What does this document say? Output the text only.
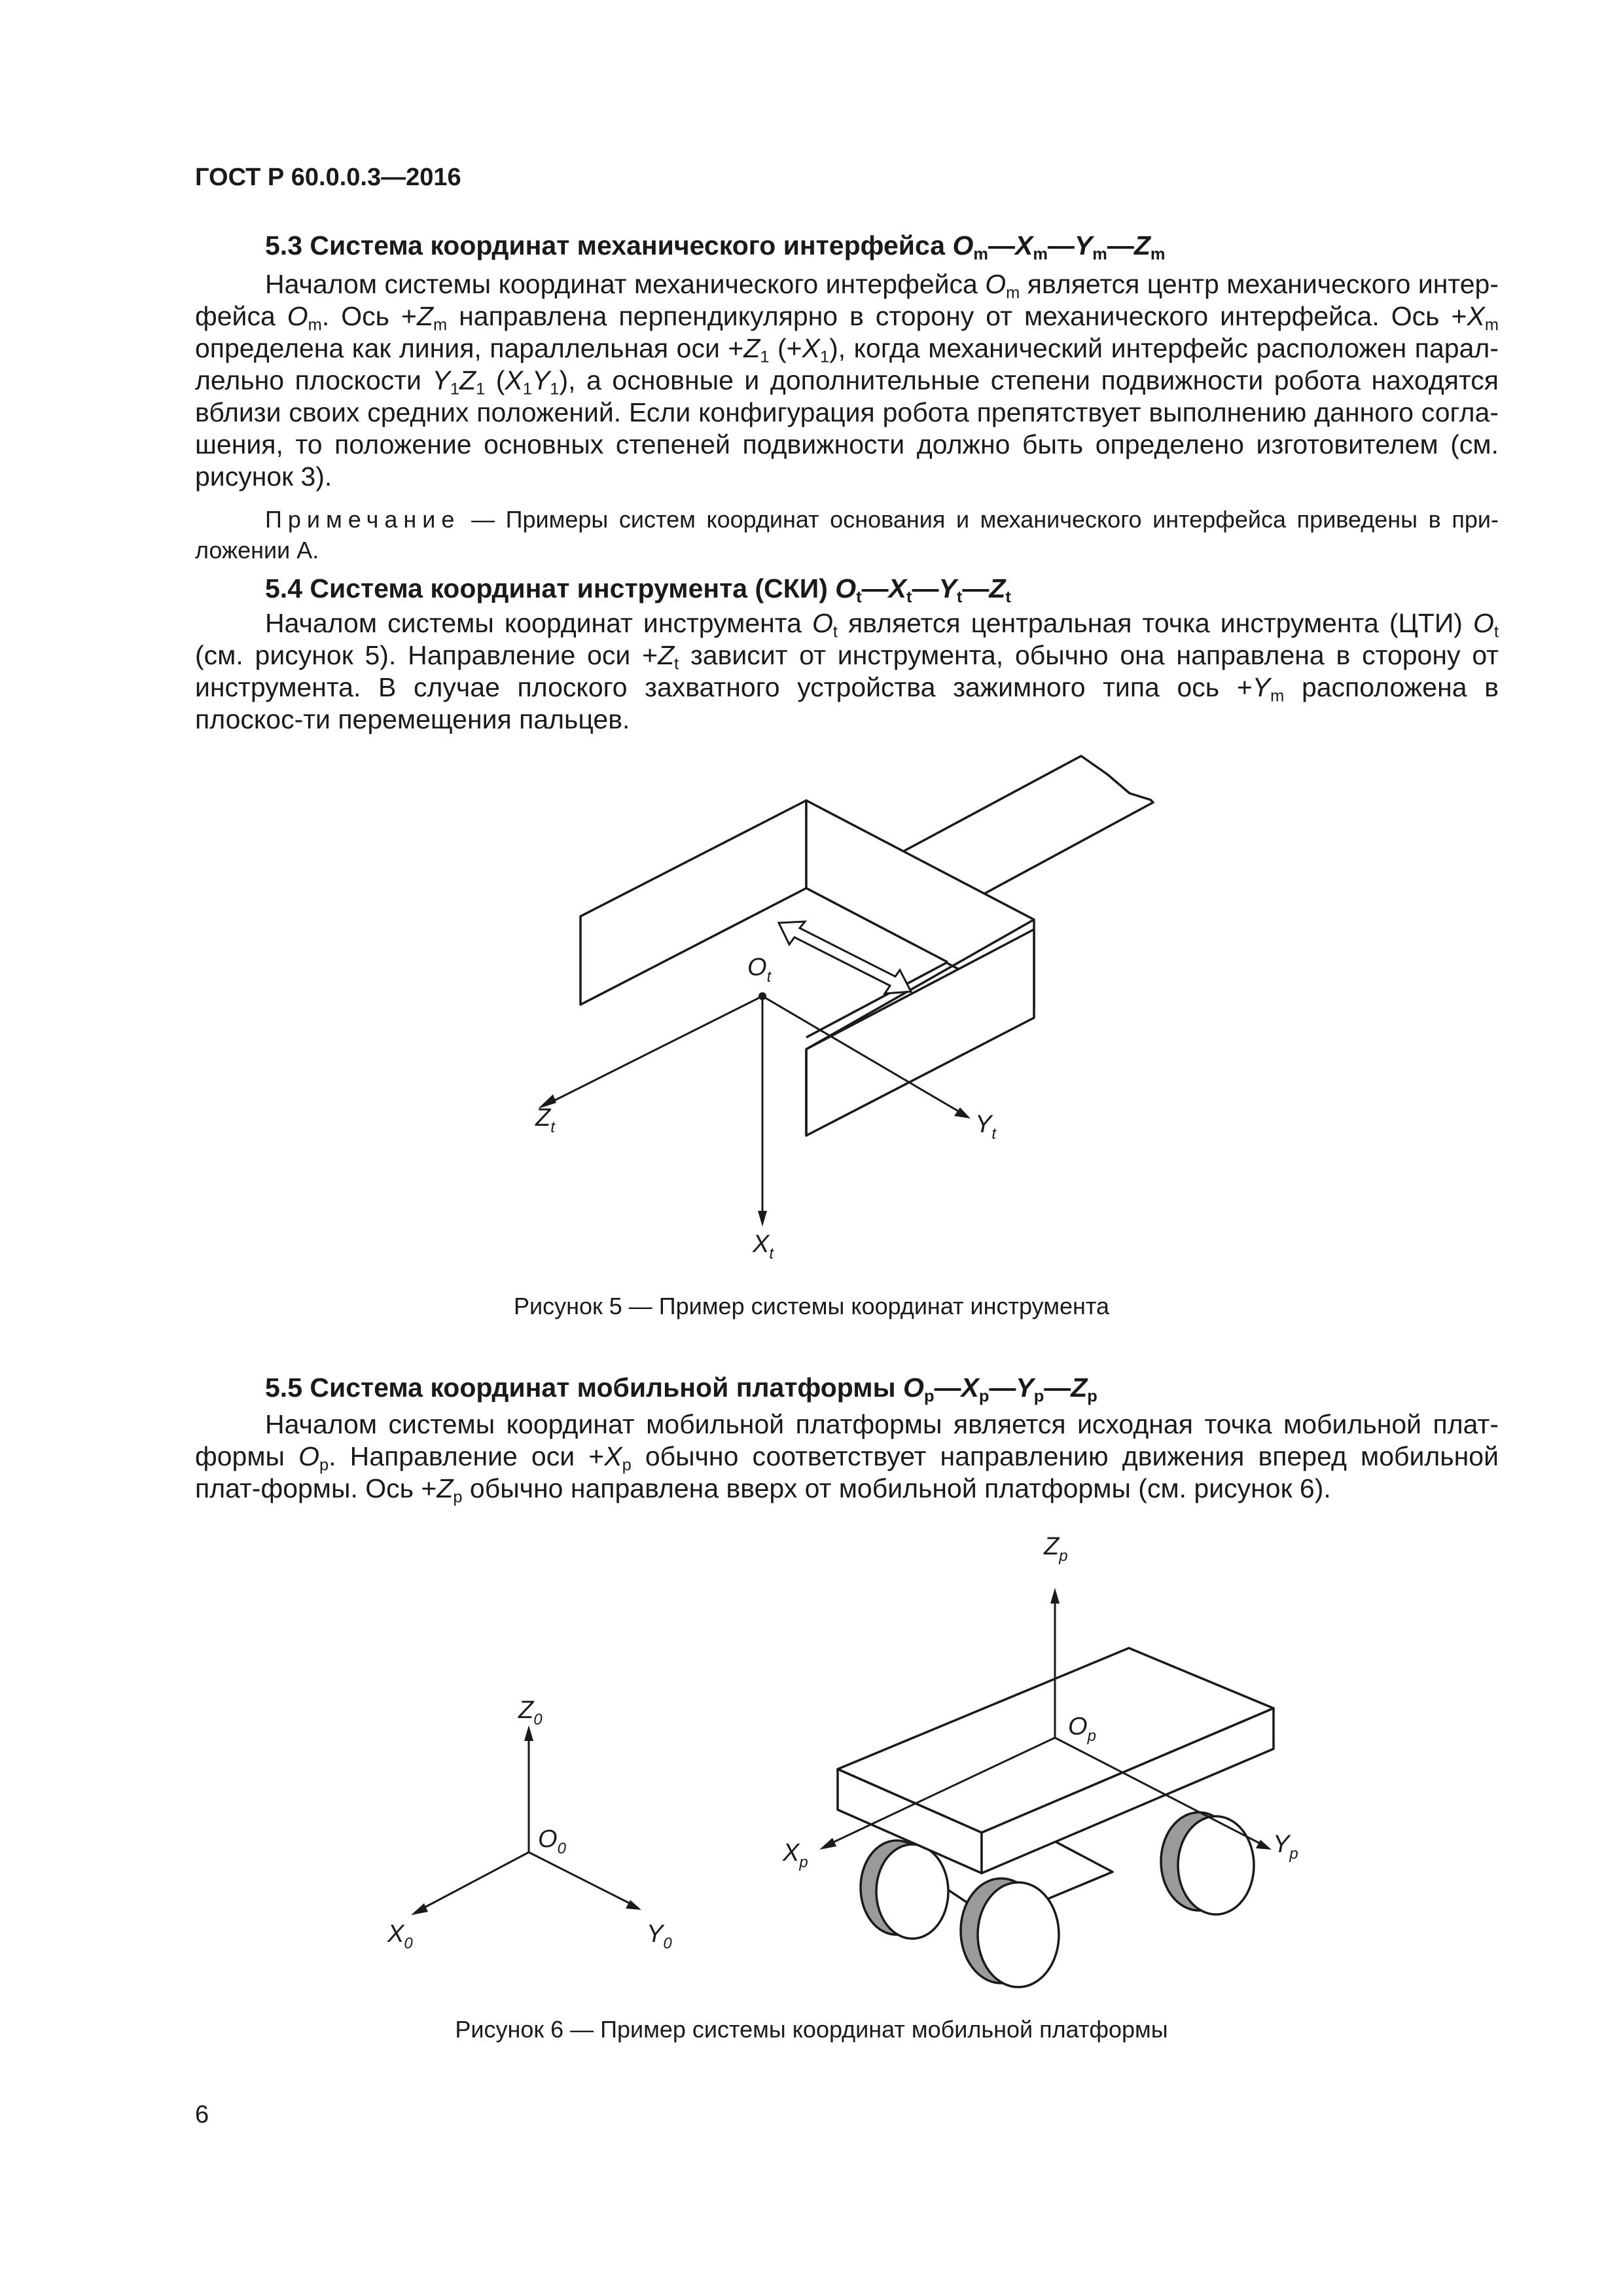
ГОСТ Р 60.0.0.3—2016
5.3 Система координат механического интерфейса $O_m—X_m—Y_m—Z_m$
Началом системы координат механического интерфейса $O_m$ является центр механического интер-фейса $O_m$. Ось $+Z_m$ направлена перпендикулярно в сторону от механического интерфейса. Ось $+X_m$ определена как линия, параллельная оси $+Z_1$ $(+X_1)$, когда механический интерфейс расположен парал-лельно плоскости $Y_1Z_1$ $(X_1Y_1)$, а основные и дополнительные степени подвижности робота находятся вблизи своих средних положений. Если конфигурация робота препятствует выполнению данного согла-шения, то положение основных степеней подвижности должно быть определено изготовителем (см. рисунок 3).
Примечание — Примеры систем координат основания и механического интерфейса приведены в при-ложении А.
5.4 Система координат инструмента (СКИ) $O_t—X_t—Y_t—Z_t$
Началом системы координат инструмента $O_t$ является центральная точка инструмента (ЦТИ) $O_t$ (см. рисунок 5). Направление оси $+Z_t$ зависит от инструмента, обычно она направлена в сторону от инструмента. В случае плоского захватного устройства зажимного типа ось $+Y_m$ расположена в плоскос-ти перемещения пальцев.
$O_t$
$Z_t$	$Y_t$
$X_t$
Рисунок 5 — Пример системы координат инструмента
5.5 Система координат мобильной платформы $O_p—X_p—Y_p—Z_p$
Началом системы координат мобильной платформы является исходная точка мобильной плат-формы $O_p$. Направление оси $+X_p$ обычно соответствует направлению движения вперед мобильной плат-формы. Ось $+Z_p$ обычно направлена вверх от мобильной платформы (см. рисунок 6).
$Z_0$
$O_0$
$X_0$	$Y_0$
$Z_p$
$O_p$
$X_p$
$Y_p$
Рисунок 6 — Пример системы координат мобильной платформы
6
